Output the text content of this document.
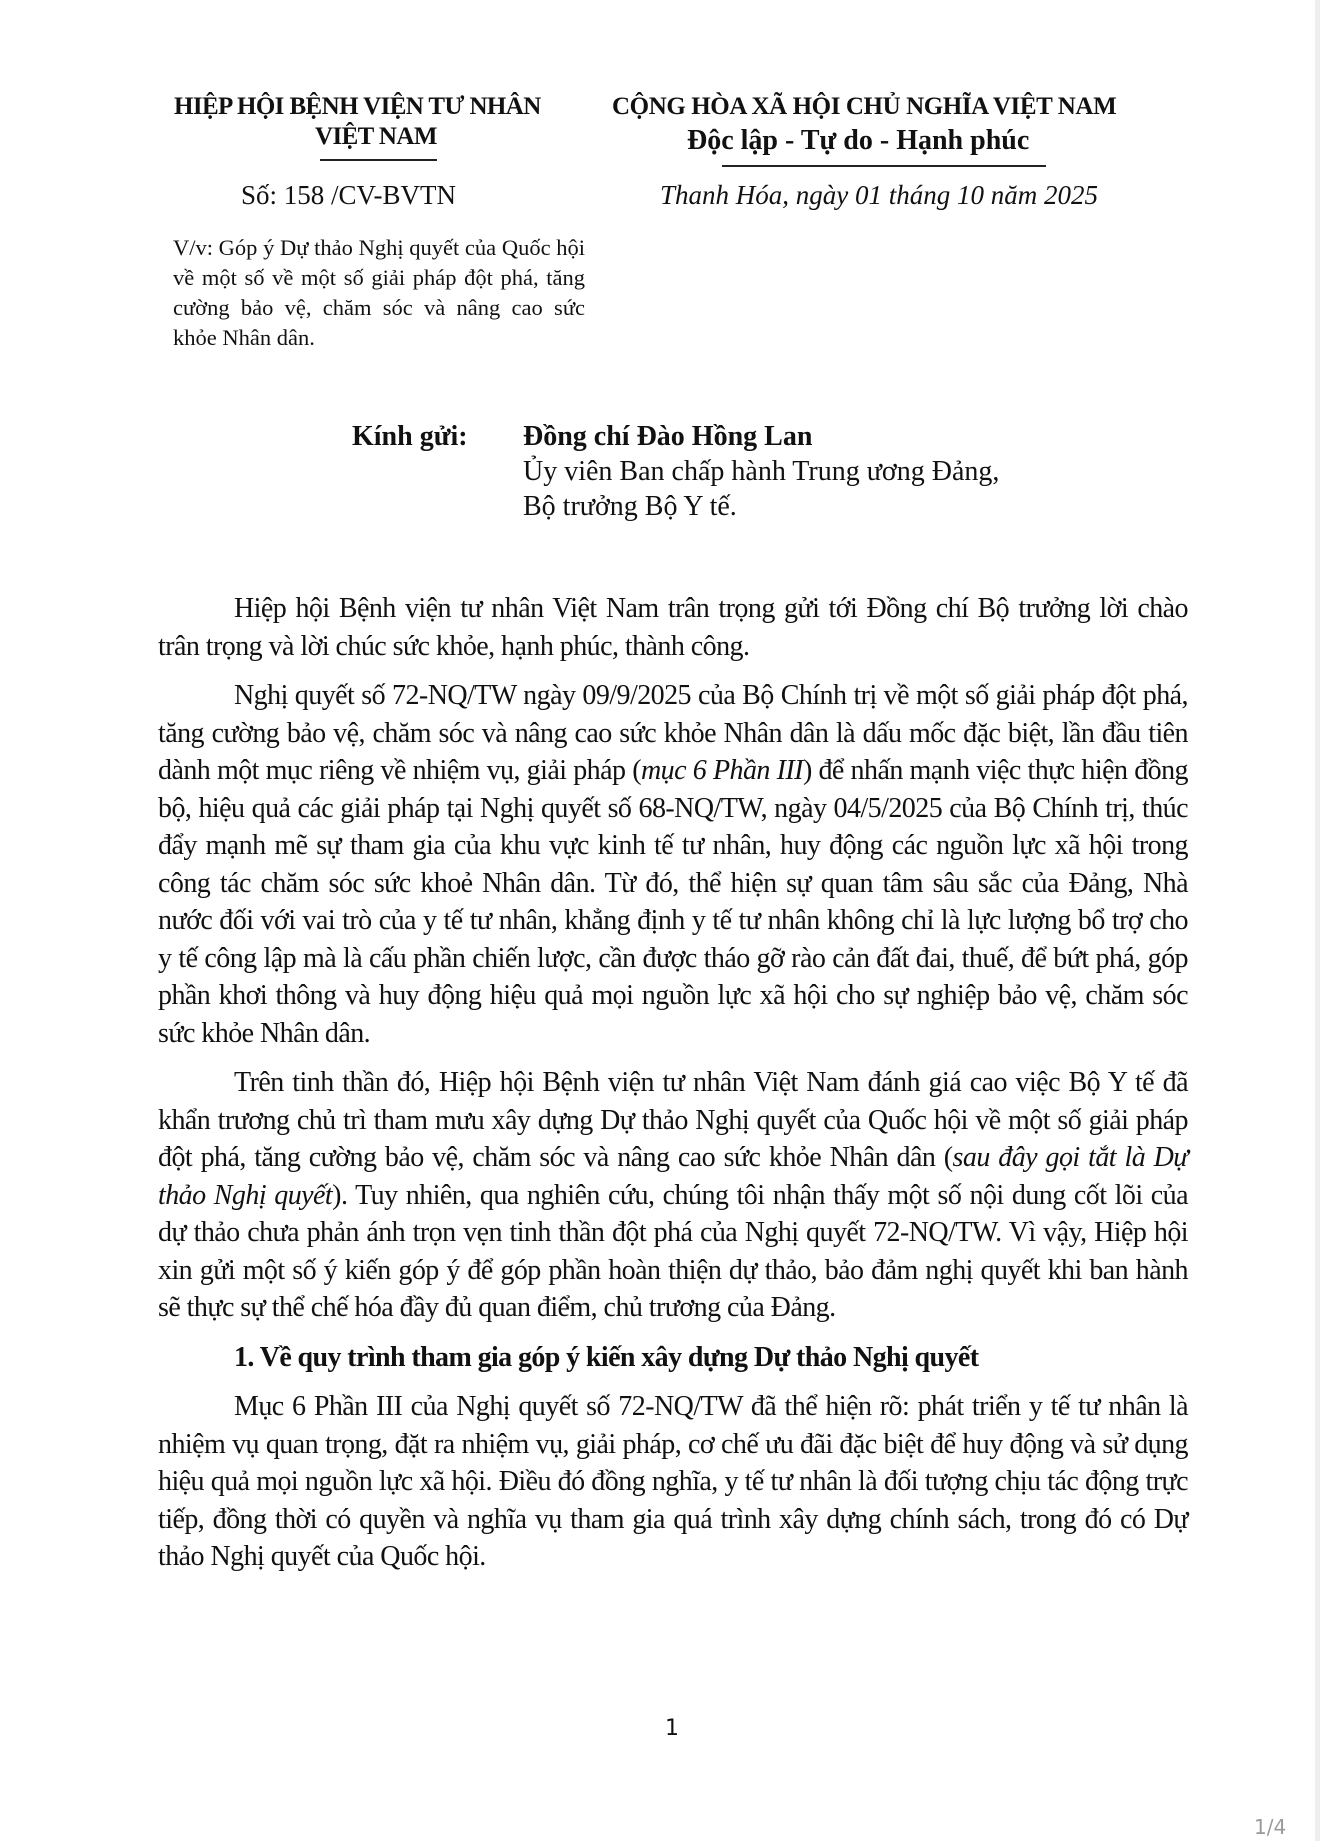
HIỆP HỘI BỆNH VIỆN TƯ NHÂN
VIỆT NAM
CỘNG HÒA XÃ HỘI CHỦ NGHĨA VIỆT NAM
Độc lập - Tự do - Hạnh phúc
Số: 158 /CV-BVTN	Thanh Hóa, ngày 01 tháng 10 năm 2025
V/v: Góp ý Dự thảo Nghị quyết của Quốc hội về một số về một số giải pháp đột phá, tăng cường bảo vệ, chăm sóc và nâng cao sức khỏe Nhân dân.
Kính gửi: Đồng chí Đào Hồng Lan
Ủy viên Ban chấp hành Trung ương Đảng,
Bộ trưởng Bộ Y tế.

Hiệp hội Bệnh viện tư nhân Việt Nam trân trọng gửi tới Đồng chí Bộ trưởng lời chào trân trọng và lời chúc sức khỏe, hạnh phúc, thành công.

Nghị quyết số 72-NQ/TW ngày 09/9/2025 của Bộ Chính trị về một số giải pháp đột phá, tăng cường bảo vệ, chăm sóc và nâng cao sức khỏe Nhân dân là dấu mốc đặc biệt, lần đầu tiên dành một mục riêng về nhiệm vụ, giải pháp (mục 6 Phần III) để nhấn mạnh việc thực hiện đồng bộ, hiệu quả các giải pháp tại Nghị quyết số 68-NQ/TW, ngày 04/5/2025 của Bộ Chính trị, thúc đẩy mạnh mẽ sự tham gia của khu vực kinh tế tư nhân, huy động các nguồn lực xã hội trong công tác chăm sóc sức khoẻ Nhân dân. Từ đó, thể hiện sự quan tâm sâu sắc của Đảng, Nhà nước đối với vai trò của y tế tư nhân, khẳng định y tế tư nhân không chỉ là lực lượng bổ trợ cho y tế công lập mà là cấu phần chiến lược, cần được tháo gỡ rào cản đất đai, thuế, để bứt phá, góp phần khơi thông và huy động hiệu quả mọi nguồn lực xã hội cho sự nghiệp bảo vệ, chăm sóc sức khỏe Nhân dân.

Trên tinh thần đó, Hiệp hội Bệnh viện tư nhân Việt Nam đánh giá cao việc Bộ Y tế đã khẩn trương chủ trì tham mưu xây dựng Dự thảo Nghị quyết của Quốc hội về một số giải pháp đột phá, tăng cường bảo vệ, chăm sóc và nâng cao sức khỏe Nhân dân (sau đây gọi tắt là Dự thảo Nghị quyết). Tuy nhiên, qua nghiên cứu, chúng tôi nhận thấy một số nội dung cốt lõi của dự thảo chưa phản ánh trọn vẹn tinh thần đột phá của Nghị quyết 72-NQ/TW. Vì vậy, Hiệp hội xin gửi một số ý kiến góp ý để góp phần hoàn thiện dự thảo, bảo đảm nghị quyết khi ban hành sẽ thực sự thể chế hóa đầy đủ quan điểm, chủ trương của Đảng.

1. Về quy trình tham gia góp ý kiến xây dựng Dự thảo Nghị quyết

Mục 6 Phần III của Nghị quyết số 72-NQ/TW đã thể hiện rõ: phát triển y tế tư nhân là nhiệm vụ quan trọng, đặt ra nhiệm vụ, giải pháp, cơ chế ưu đãi đặc biệt để huy động và sử dụng hiệu quả mọi nguồn lực xã hội. Điều đó đồng nghĩa, y tế tư nhân là đối tượng chịu tác động trực tiếp, đồng thời có quyền và nghĩa vụ tham gia quá trình xây dựng chính sách, trong đó có Dự thảo Nghị quyết của Quốc hội.

1
1/4
